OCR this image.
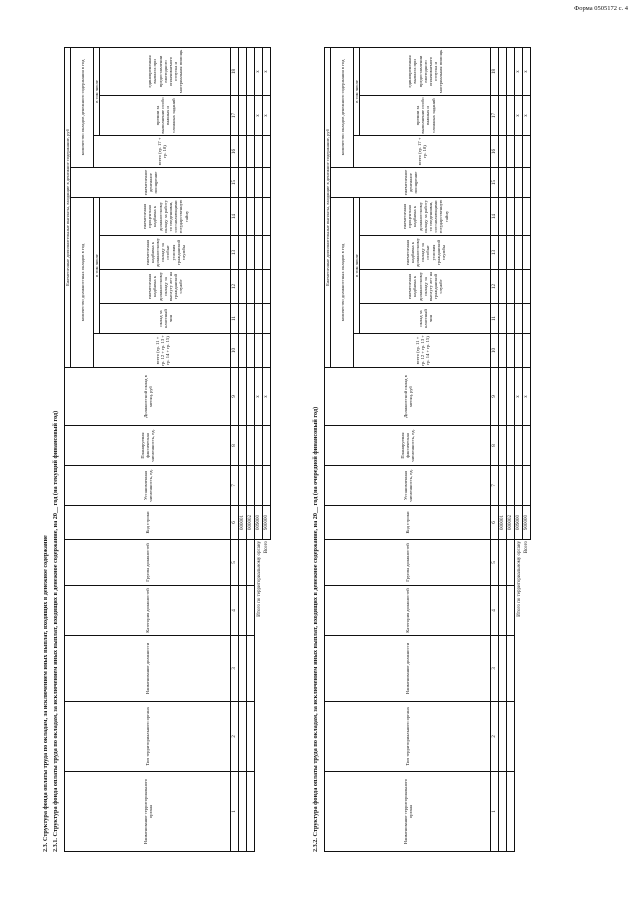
Форма 0505172 с. 4
2.3. Структура фонда оплаты труда по окладам, за исключением иных выплат, входящих в денежное содержание 2.3.1. Структура фонда оплаты труда по окладам, за исключением иных выплат, входящих в денежное содержание, на 20__ год (на текущий финансовый год)	Наименование территориального органа	Тип территориального органа	Наименование должности	Категория должностей	Группа должностей	Код строки	Установленная численность, ед.	Планируемая фактическая численность, ед.	Должностной оклад в месяц, руб	Ежемесячные дополнительные выплаты, входящие в денежное содержание, руб								
									количество должностных окладов в год					ежемесячное денежное поощрение	количество окладов денежного содержания в год		
									всего (гр. 11 + гр. 12 + гр. 13 + гр. 14 + гр. 15)	в том числе					всего (гр. 17 + гр. 18)	в том числе	
										оклад за классный чин	ежемесячная надбавка к должностному окладу за выслугу лет на гражданской службе	ежемесячная надбавка к должностному окладу за особые условия гражданской службы	ежемесячная процентная надбавка к должностному окладу за работу со сведениями, составляющими государственную тайну			премии за выполнение особо важных и сложных заданий	единовременная выплата при предоставлении ежегодного оплачиваемого отпуска и материальная помощь
1	2	3	4	5	6	7	8	9	10	11	12	13	14	15	16	17	18
					000001												
					000002												
Итого по территориальному органу					009000			x								x	x
Всего					900000			x								x	x
2.3.2. Структура фонда оплаты труда по окладам, за исключением иных выплат, входящих в денежное содержание, на 20__ год (на очередной финансовый год)	Наименование территориального органа	Тип территориального органа	Наименование должности	Категория должностей	Группа должностей	Код строки	Установленная численность, ед.	Планируемая фактическая численность, ед.	Должностной оклад в месяц, руб	Ежемесячные дополнительные выплаты, входящие в денежное содержание, руб								
									количество должностных окладов в год					ежемесячное денежное поощрение	количество окладов денежного содержания в год		
									всего (гр. 11 + гр. 12 + гр. 13 + гр. 14 + гр. 15)	в том числе					всего (гр. 17 + гр. 18)	в том числе	
										оклад за классный чин	ежемесячная надбавка к должностному окладу за выслугу лет на гражданской службе	ежемесячная надбавка к должностному окладу за особые условия гражданской службы	ежемесячная процентная надбавка к должностному окладу за работу со сведениями, составляющими государственную тайну			премии за выполнение особо важных и сложных заданий	единовременная выплата при предоставлении ежегодного оплачиваемого отпуска и материальная помощь
1	2	3	4	5	6	7	8	9	10	11	12	13	14	15	16	17	18
					000001												
					000002												
Итого по территориальному органу					009000			x								x	x
Всего					900000			x								x	x
